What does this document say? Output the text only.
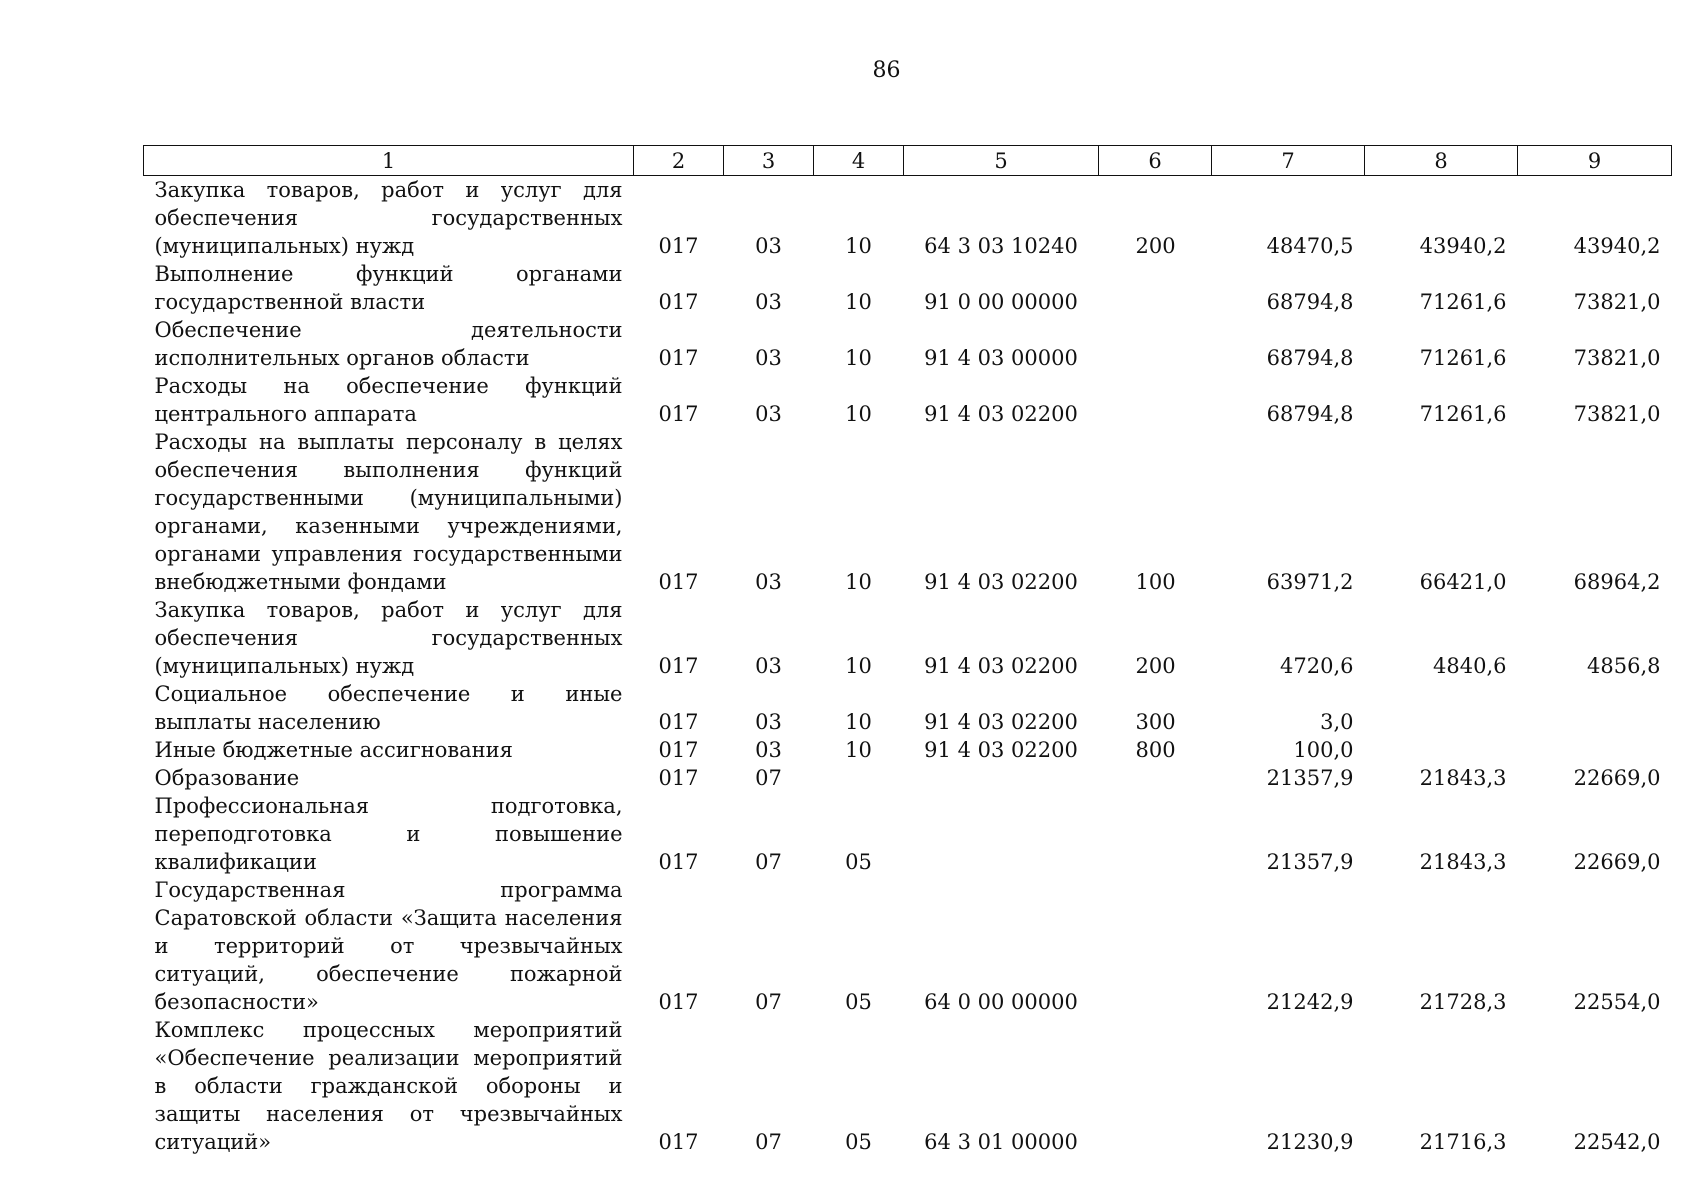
86
1	2	3	4	5	6	7	8	9
Закупка товаров, работ и услуг для обеспечения государственных (муниципальных) нужд	017	03	10	64 3 03 10240	200	48470,5	43940,2	43940,2
Выполнение функций органами государственной власти	017	03	10	91 0 00 00000		68794,8	71261,6	73821,0
Обеспечение деятельности исполнительных органов области	017	03	10	91 4 03 00000		68794,8	71261,6	73821,0
Расходы на обеспечение функций центрального аппарата	017	03	10	91 4 03 02200		68794,8	71261,6	73821,0
Расходы на выплаты персоналу в целях обеспечения выполнения функций государственными (муниципальными) органами, казенными учреждениями, органами управления государственными внебюджетными фондами	017	03	10	91 4 03 02200	100	63971,2	66421,0	68964,2
Закупка товаров, работ и услуг для обеспечения государственных (муниципальных) нужд	017	03	10	91 4 03 02200	200	4720,6	4840,6	4856,8
Социальное обеспечение и иные выплаты населению	017	03	10	91 4 03 02200	300	3,0		
Иные бюджетные ассигнования	017	03	10	91 4 03 02200	800	100,0		
Образование	017	07				21357,9	21843,3	22669,0
Профессиональная подготовка, переподготовка и повышение квалификации	017	07	05			21357,9	21843,3	22669,0
Государственная программа Саратовской области «Защита населения и территорий от чрезвычайных ситуаций, обеспечение пожарной безопасности»	017	07	05	64 0 00 00000		21242,9	21728,3	22554,0
Комплекс процессных мероприятий «Обеспечение реализации мероприятий в области гражданской обороны и защиты населения от чрезвычайных ситуаций»	017	07	05	64 3 01 00000		21230,9	21716,3	22542,0
